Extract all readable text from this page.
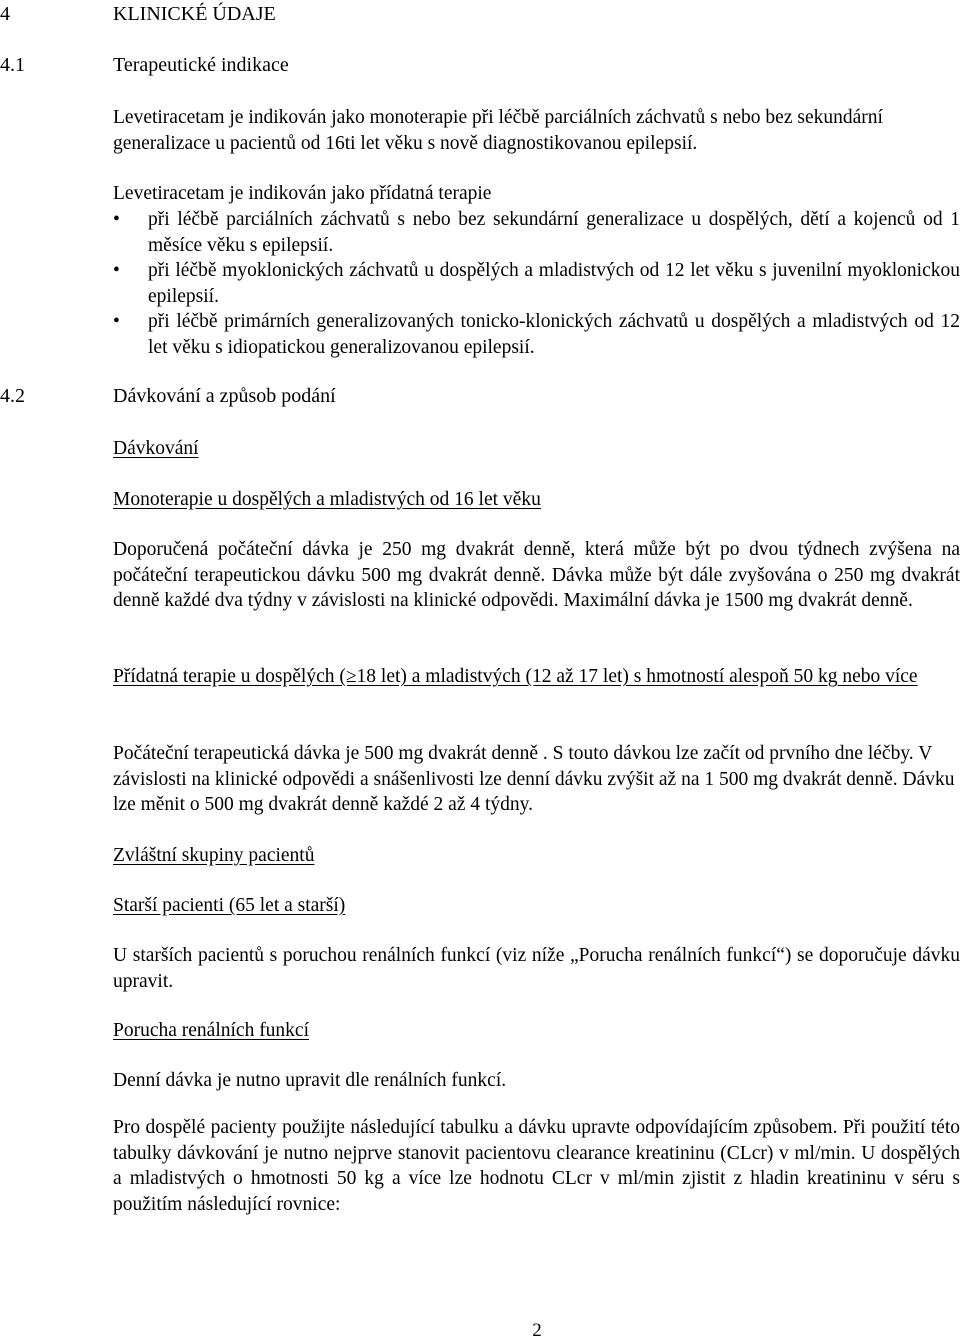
4	KLINICKÉ ÚDAJE
4.1	Terapeutické indikace

Levetiracetam je indikován jako monoterapie při léčbě parciálních záchvatů s nebo bez sekundární generalizace u pacientů od 16ti let věku s nově diagnostikovanou epilepsií.

Levetiracetam je indikován jako přídatná terapie

•	při léčbě parciálních záchvatů s nebo bez sekundární generalizace u dospělých, dětí a kojenců od 1 měsíce věku s epilepsií.
•	při léčbě myoklonických záchvatů u dospělých a mladistvých od 12 let věku s juvenilní myoklonickou epilepsií.
•	při léčbě primárních generalizovaných tonicko-klonických záchvatů u dospělých a mladistvých od 12 let věku s idiopatickou generalizovanou epilepsií.
4.2	Dávkování a způsob podání

Dávkování

Monoterapie u dospělých a mladistvých od 16 let věku

Doporučená počáteční dávka je 250 mg dvakrát denně, která může být po dvou týdnech zvýšena na počáteční terapeutickou dávku 500 mg dvakrát denně. Dávka může být dále zvyšována o 250 mg dvakrát denně každé dva týdny v závislosti na klinické odpovědi. Maximální dávka je 1500 mg dvakrát denně.

Přídatná terapie u dospělých (≥18 let) a mladistvých (12 až 17 let) s hmotností alespoň 50 kg nebo více

Počáteční terapeutická dávka je 500 mg dvakrát denně . S touto dávkou lze začít od prvního dne léčby. V závislosti na klinické odpovědi a snášenlivosti lze denní dávku zvýšit až na 1 500 mg dvakrát denně. Dávku lze měnit o 500 mg dvakrát denně každé 2 až 4 týdny.

Zvláštní skupiny pacientů

Starší pacienti (65 let a starší)

U starších pacientů s poruchou renálních funkcí (viz níže „Porucha renálních funkcí“) se doporučuje dávku upravit.

Porucha renálních funkcí

Denní dávka je nutno upravit dle renálních funkcí.

Pro dospělé pacienty použijte následující tabulku a dávku upravte odpovídajícím způsobem. Při použití této tabulky dávkování je nutno nejprve stanovit pacientovu clearance kreatininu (CLcr) v ml/min. U dospělých a mladistvých o hmotnosti 50 kg a více lze hodnotu CLcr v ml/min zjistit z hladin kreatininu v séru s použitím následující rovnice:

2
